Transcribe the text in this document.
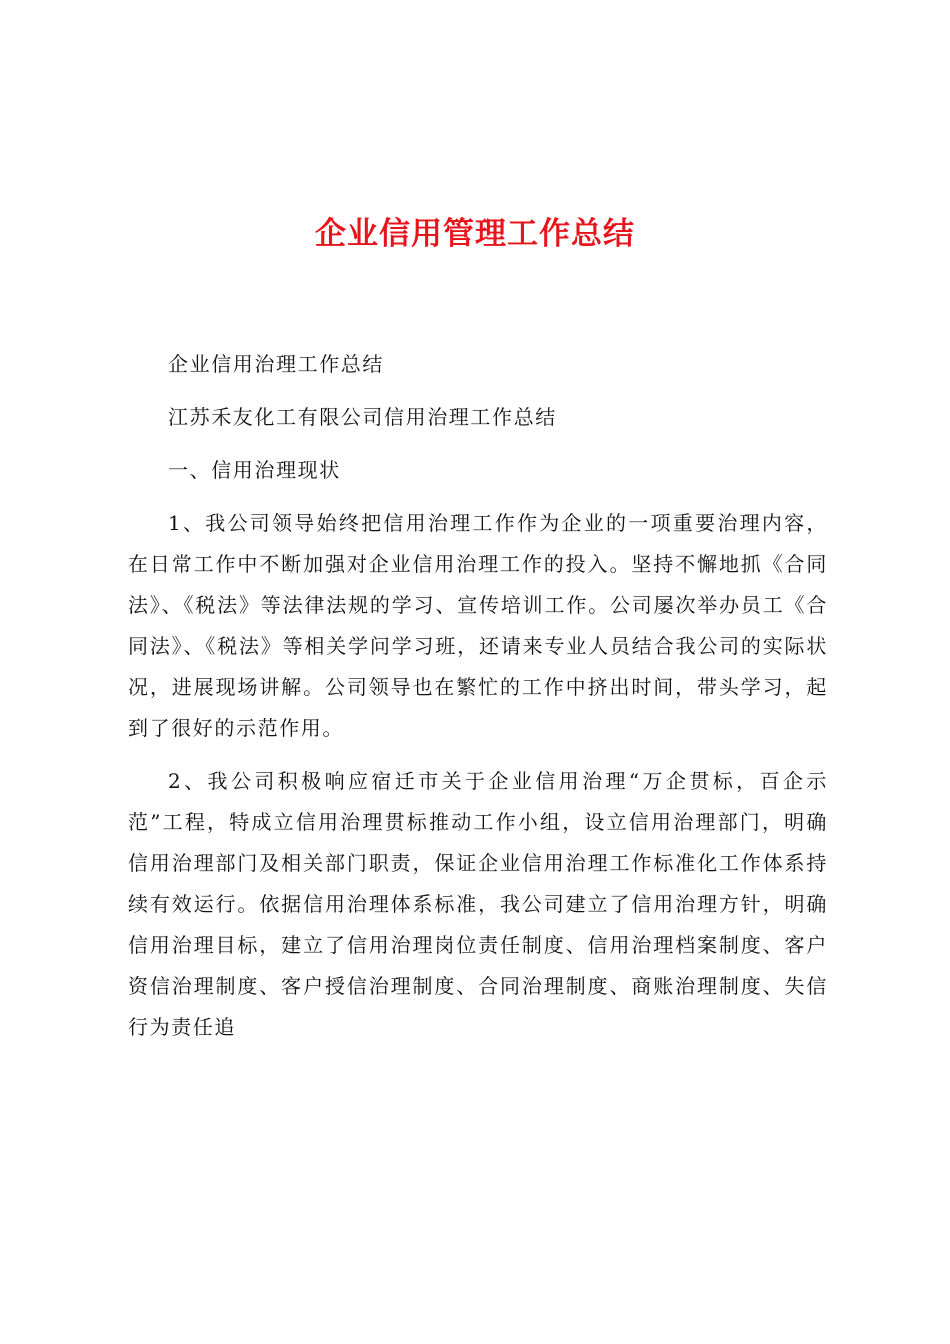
企业信用管理工作总结

企业信用治理工作总结

江苏禾友化工有限公司信用治理工作总结

一、信用治理现状

1、我公司领导始终把信用治理工作作为企业的一项重要治理内容，在日常工作中不断加强对企业信用治理工作的投入。坚持不懈地抓《合同法》、《税法》等法律法规的学习、宣传培训工作。公司屡次举办员工《合同法》、《税法》等相关学问学习班，还请来专业人员结合我公司的实际状况，进展现场讲解。公司领导也在繁忙的工作中挤出时间，带头学习，起到了很好的示范作用。

2、我公司积极响应宿迁市关于企业信用治理“万企贯标，百企示范”工程，特成立信用治理贯标推动工作小组，设立信用治理部门，明确信用治理部门及相关部门职责，保证企业信用治理工作标准化工作体系持续有效运行。依据信用治理体系标准，我公司建立了信用治理方针，明确信用治理目标，建立了信用治理岗位责任制度、信用治理档案制度、客户资信治理制度、客户授信治理制度、合同治理制度、商账治理制度、失信行为责任追
